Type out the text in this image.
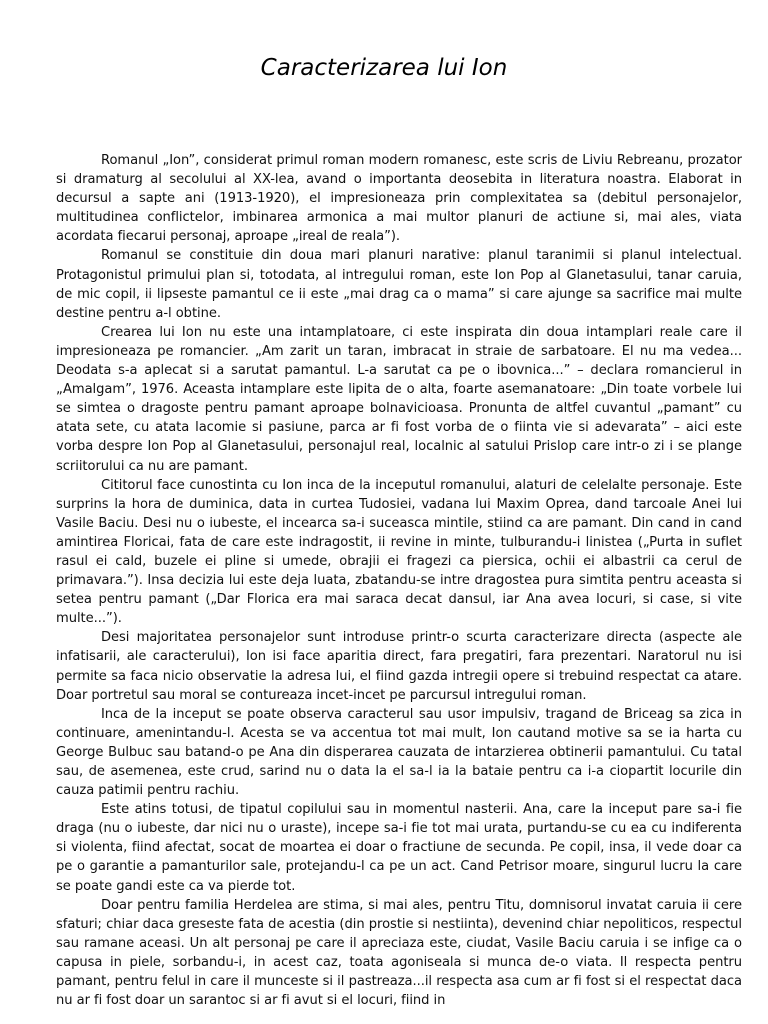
Caracterizarea lui Ion

Romanul „Ion”, considerat primul roman modern romanesc, este scris de Liviu Rebreanu, prozator si dramaturg al secolului al XX-lea, avand o importanta deosebita in literatura noastra. Elaborat in decursul a sapte ani (1913-1920), el impresioneaza prin complexitatea sa (debitul personajelor, multitudinea conflictelor, imbinarea armonica a mai multor planuri de actiune si, mai ales, viata acordata fiecarui personaj, aproape „ireal de reala”).

Romanul se constituie din doua mari planuri narative: planul taranimii si planul intelectual. Protagonistul primului plan si, totodata, al intregului roman, este Ion Pop al Glanetasului, tanar caruia, de mic copil, ii lipseste pamantul ce ii este „mai drag ca o mama” si care ajunge sa sacrifice mai multe destine pentru a-l obtine.

Crearea lui Ion nu este una intamplatoare, ci este inspirata din doua intamplari reale care il impresioneaza pe romancier. „Am zarit un taran, imbracat in straie de sarbatoare. El nu ma vedea... Deodata s-a aplecat si a sarutat pamantul. L-a sarutat ca pe o ibovnica...” – declara romancierul in „Amalgam”, 1976. Aceasta intamplare este lipita de o alta, foarte asemanatoare: „Din toate vorbele lui se simtea o dragoste pentru pamant aproape bolnavicioasa. Pronunta de altfel cuvantul „pamant” cu atata sete, cu atata lacomie si pasiune, parca ar fi fost vorba de o fiinta vie si adevarata” – aici este vorba despre Ion Pop al Glanetasului, personajul real, localnic al satului Prislop care intr-o zi i se plange scriitorului ca nu are pamant.

Cititorul face cunostinta cu Ion inca de la inceputul romanului, alaturi de celelalte personaje. Este surprins la hora de duminica, data in curtea Tudosiei, vadana lui Maxim Oprea, dand tarcoale Anei lui Vasile Baciu. Desi nu o iubeste, el incearca sa-i suceasca mintile, stiind ca are pamant. Din cand in cand amintirea Floricai, fata de care este indragostit, ii revine in minte, tulburandu-i linistea („Purta in suflet rasul ei cald, buzele ei pline si umede, obrajii ei fragezi ca piersica, ochii ei albastrii ca cerul de primavara.”). Insa decizia lui este deja luata, zbatandu-se intre dragostea pura simtita pentru aceasta si setea pentru pamant („Dar Florica era mai saraca decat dansul, iar Ana avea locuri, si case, si vite multe...”).

Desi majoritatea personajelor sunt introduse printr-o scurta caracterizare directa (aspecte ale infatisarii, ale caracterului), Ion isi face aparitia direct, fara pregatiri, fara prezentari. Naratorul nu isi permite sa faca nicio observatie la adresa lui, el fiind gazda intregii opere si trebuind respectat ca atare. Doar portretul sau moral se contureaza incet-incet pe parcursul intregului roman.

Inca de la inceput se poate observa caracterul sau usor impulsiv, tragand de Briceag sa zica in continuare, amenintandu-l. Acesta se va accentua tot mai mult, Ion cautand motive sa se ia harta cu George Bulbuc sau batand-o pe Ana din disperarea cauzata de intarzierea obtinerii pamantului. Cu tatal sau, de asemenea, este crud, sarind nu o data la el sa-l ia la bataie pentru ca i-a ciopartit locurile din cauza patimii pentru rachiu.

Este atins totusi, de tipatul copilului sau in momentul nasterii. Ana, care la inceput pare sa-i fie draga (nu o iubeste, dar nici nu o uraste), incepe sa-i fie tot mai urata, purtandu-se cu ea cu indiferenta si violenta, fiind afectat, socat de moartea ei doar o fractiune de secunda. Pe copil, insa, il vede doar ca pe o garantie a pamanturilor sale, protejandu-l ca pe un act. Cand Petrisor moare, singurul lucru la care se poate gandi este ca va pierde tot.

Doar pentru familia Herdelea are stima, si mai ales, pentru Titu, domnisorul invatat caruia ii cere sfaturi; chiar daca greseste fata de acestia (din prostie si nestiinta), devenind chiar nepoliticos, respectul sau ramane aceasi. Un alt personaj pe care il apreciaza este, ciudat, Vasile Baciu caruia i se infige ca o capusa in piele, sorbandu-i, in acest caz, toata agoniseala si munca de-o viata. Il respecta pentru pamant, pentru felul in care il munceste si il pastreaza...il respecta asa cum ar fi fost si el respectat daca nu ar fi fost doar un sarantoc si ar fi avut si el locuri, fiind in
